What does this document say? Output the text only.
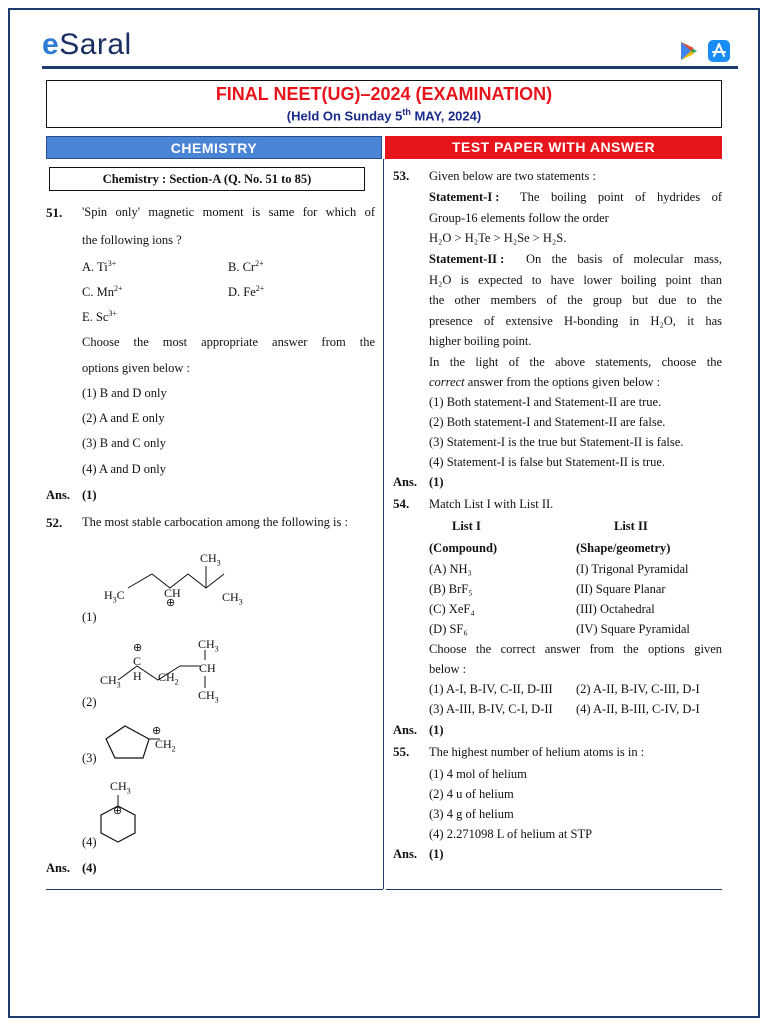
eSaral
FINAL NEET(UG)–2024 (EXAMINATION)
(Held On Sunday 5th MAY, 2024)
CHEMISTRY	TEST PAPER WITH ANSWER
Chemistry : Section-A (Q. No. 51 to 85)
51. 'Spin only' magnetic moment is same for which of
the following ions ?
A. $Ti^{3+}$	B. $Cr^{2+}$
C. $Mn^{2+}$	D. $Fe^{2+}$
E. $Sc^{3+}$
Choose the most appropriate answer from the
options given below :
(1) B and D only
(2) A and E only
(3) B and C only
(4) A and D only
Ans. (1)
52. The most stable carbocation among the following is :
(1)
$CH_3$
$H_3C$	CH
⊕	$CH_3$
(2)
$CH_3$
⊕
C	CH
$CH_3$
H $CH_2$
$CH_3$
(3)
⊕
$CH_2$
(4)
$CH_3$
⊕
Ans. (4)
53. Given below are two statements :
Statement-I : The boiling point of hydrides of
Group-16 elements follow the order
H₂O > H₂Te > H₂Se > H₂S.
Statement-II : On the basis of molecular mass,
H₂O is expected to have lower boiling point than
the other members of the group but due to the
presence of extensive H-bonding in H₂O, it has
higher boiling point.
In the light of the above statements, choose the
correct answer from the options given below :
(1) Both statement-I and Statement-II are true.
(2) Both statement-I and Statement-II are false.
(3) Statement-I is the true but Statement-II is false.
(4) Statement-I is false but Statement-II is true.
Ans. (1)
54. Match List I with List II.
List I	List II
(Compound)	(Shape/geometry)
(A) NH₃	(I) Trigonal Pyramidal
(B) BrF₅	(II) Square Planar
(C) XeF₄	(III) Octahedral
(D) SF₆	(IV) Square Pyramidal
Choose the correct answer from the options given
below :
(1) A-I, B-IV, C-II, D-III (2) A-II, B-IV, C-III, D-I
(3) A-III, B-IV, C-I, D-II (4) A-II, B-III, C-IV, D-I
Ans. (1)
55. The highest number of helium atoms is in :
(1) 4 mol of helium
(2) 4 u of helium
(3) 4 g of helium
(4) 2.271098 L of helium at STP
Ans. (1)
